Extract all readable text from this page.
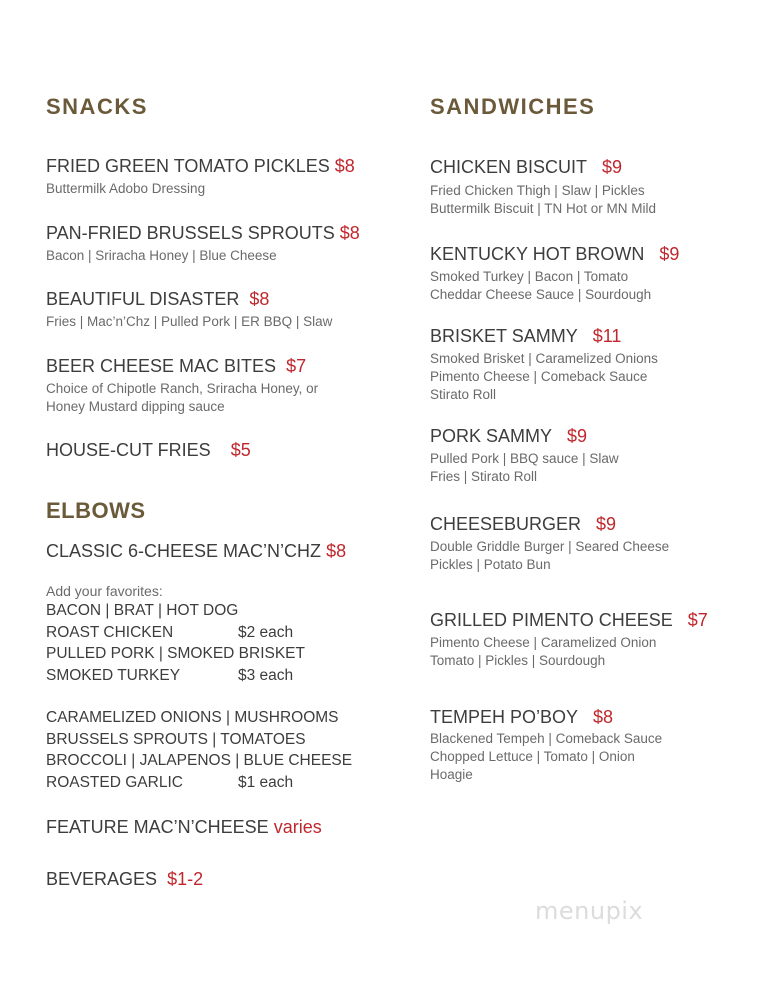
SNACKS
FRIED GREEN TOMATO PICKLES $8
Buttermilk Adobo Dressing
PAN-FRIED BRUSSELS SPROUTS $8
Bacon | Sriracha Honey | Blue Cheese
BEAUTIFUL DISASTER $8
Fries | Mac’n’Chz | Pulled Pork | ER BBQ | Slaw
BEER CHEESE MAC BITES $7
Choice of Chipotle Ranch, Sriracha Honey, or
Honey Mustard dipping sauce
HOUSE-CUT FRIES $5
ELBOWS
CLASSIC 6-CHEESE MAC’N’CHZ $8
Add your favorites:
BACON | BRAT | HOT DOG
ROAST CHICKEN	$2 each
PULLED PORK | SMOKED BRISKET
SMOKED TURKEY	$3 each
CARAMELIZED ONIONS | MUSHROOMS
BRUSSELS SPROUTS | TOMATOES
BROCCOLI | JALAPENOS | BLUE CHEESE
ROASTED GARLIC	$1 each
FEATURE MAC’N’CHEESE varies
BEVERAGES $1-2
SANDWICHES
CHICKEN BISCUIT $9
Fried Chicken Thigh | Slaw | Pickles
Buttermilk Biscuit | TN Hot or MN Mild
KENTUCKY HOT BROWN $9
Smoked Turkey | Bacon | Tomato
Cheddar Cheese Sauce | Sourdough
BRISKET SAMMY $11
Smoked Brisket | Caramelized Onions
Pimento Cheese | Comeback Sauce
Stirato Roll
PORK SAMMY $9
Pulled Pork | BBQ sauce | Slaw
Fries | Stirato Roll
CHEESEBURGER $9
Double Griddle Burger | Seared Cheese
Pickles | Potato Bun
GRILLED PIMENTO CHEESE $7
Pimento Cheese | Caramelized Onion
Tomato | Pickles | Sourdough
TEMPEH PO’BOY $8
Blackened Tempeh | Comeback Sauce
Chopped Lettuce | Tomato | Onion
Hoagie
menupix
